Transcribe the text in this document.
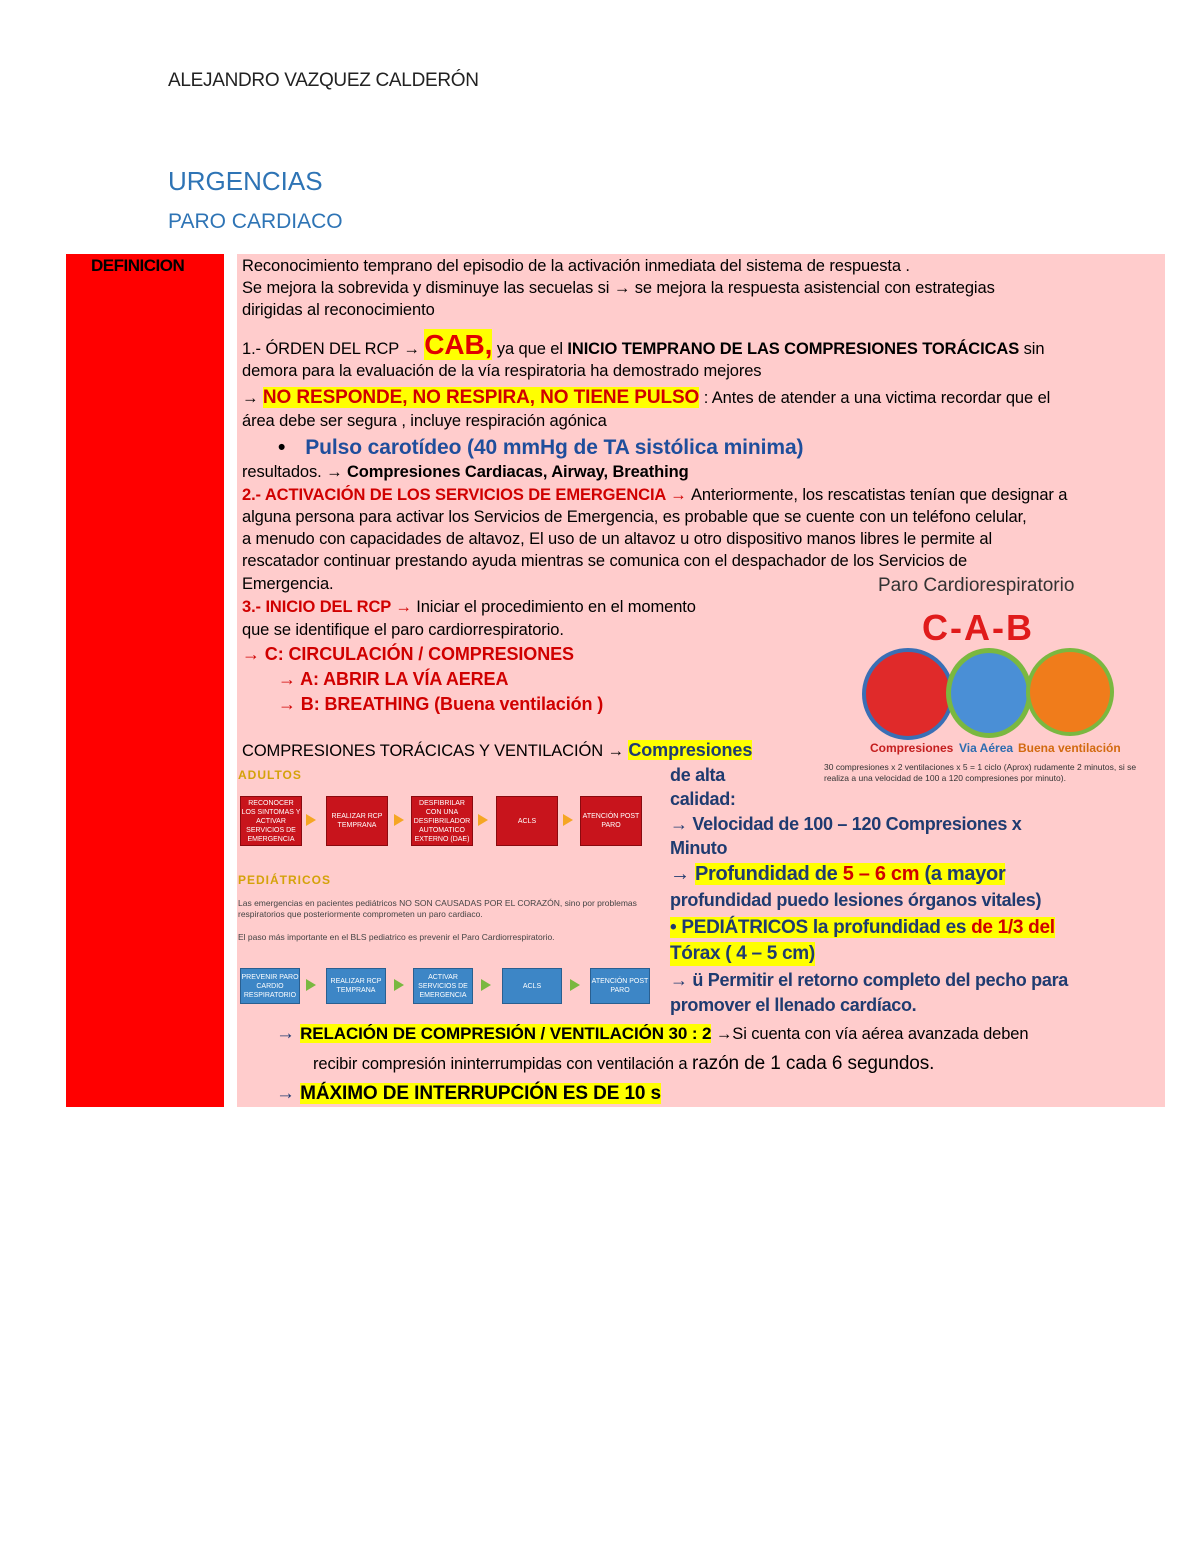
ALEJANDRO VAZQUEZ CALDERÓN
URGENCIAS
PARO CARDIACO
DEFINICION	Reconocimiento temprano del episodio de la activación inmediata del sistema de respuesta .
Se mejora la sobrevida y disminuye las secuelas si → se mejora la respuesta asistencial con estrategias
dirigidas al reconocimiento
1.- ÓRDEN DEL RCP → CAB, ya que el INICIO TEMPRANO DE LAS COMPRESIONES TORÁCICAS sin
demora para la evaluación de la vía respiratoria ha demostrado mejores
→ NO RESPONDE, NO RESPIRA, NO TIENE PULSO : Antes de atender a una victima recordar que el
área debe ser segura , incluye respiración agónica
• Pulso carotídeo (40 mmHg de TA sistólica minima)
resultados. → Compresiones Cardiacas, Airway, Breathing
2.- ACTIVACIÓN DE LOS SERVICIOS DE EMERGENCIA → Anteriormente, los rescatistas tenían que designar a
alguna persona para activar los Servicios de Emergencia, es probable que se cuente con un teléfono celular,
a menudo con capacidades de altavoz, El uso de un altavoz u otro dispositivo manos libres le permite al
rescatador continuar prestando ayuda mientras se comunica con el despachador de los Servicios de
Emergencia.
3.- INICIO DEL RCP → Iniciar el procedimiento en el momento
que se identifique el paro cardiorrespiratorio.
→ C: CIRCULACIÓN / COMPRESIONES
→ A: ABRIR LA VÍA AEREA
→ B: BREATHING (Buena ventilación )
COMPRESIONES TORÁCICAS Y VENTILACIÓN → Compresiones
de alta
calidad:
→ Velocidad de 100 – 120 Compresiones x
Minuto
→ Profundidad de 5 – 6 cm (a mayor
profundidad puedo lesiones órganos vitales)
• PEDIÁTRICOS la profundidad es de 1/3 del
Tórax ( 4 – 5 cm)
→ ü Permitir el retorno completo del pecho para
promover el llenado cardíaco.
→ RELACIÓN DE COMPRESIÓN / VENTILACIÓN 30 : 2 →Si cuenta con vía aérea avanzada deben
recibir compresión ininterrumpidas con ventilación a razón de 1 cada 6 segundos.
→ MÁXIMO DE INTERRUPCIÓN ES DE 10 s
Paro Cardiorespiratorio
C-A-B
Compresiones Via Aérea Buena ventilación
30 compresiones x 2 ventilaciones x 5 = 1 ciclo (Aprox) rudamente 2 minutos, si se realiza a una velocidad de 100 a 120 compresiones por minuto).
ADULTOS
RECONOCER LOS SINTOMAS Y ACTIVAR SERVICIOS DE EMERGENCIA
REALIZAR RCP TEMPRANA
DESFIBRILAR CON UNA DESFIBRILADOR AUTOMATICO EXTERNO (DAE)
ACLS
ATENCIÓN POST PARO
PEDIÁTRICOS
Las emergencias en pacientes pediátricos NO SON CAUSADAS POR EL CORAZÓN, sino por problemas respiratorios que posteriormente comprometen un paro cardiaco.
El paso más importante en el BLS pediatrico es prevenir el Paro Cardiorrespiratorio.
PREVENIR PARO CARDIO RESPIRATORIO
REALIZAR RCP TEMPRANA
ACTIVAR SERVICIOS DE EMERGENCIA
ACLS
ATENCIÓN POST PARO
